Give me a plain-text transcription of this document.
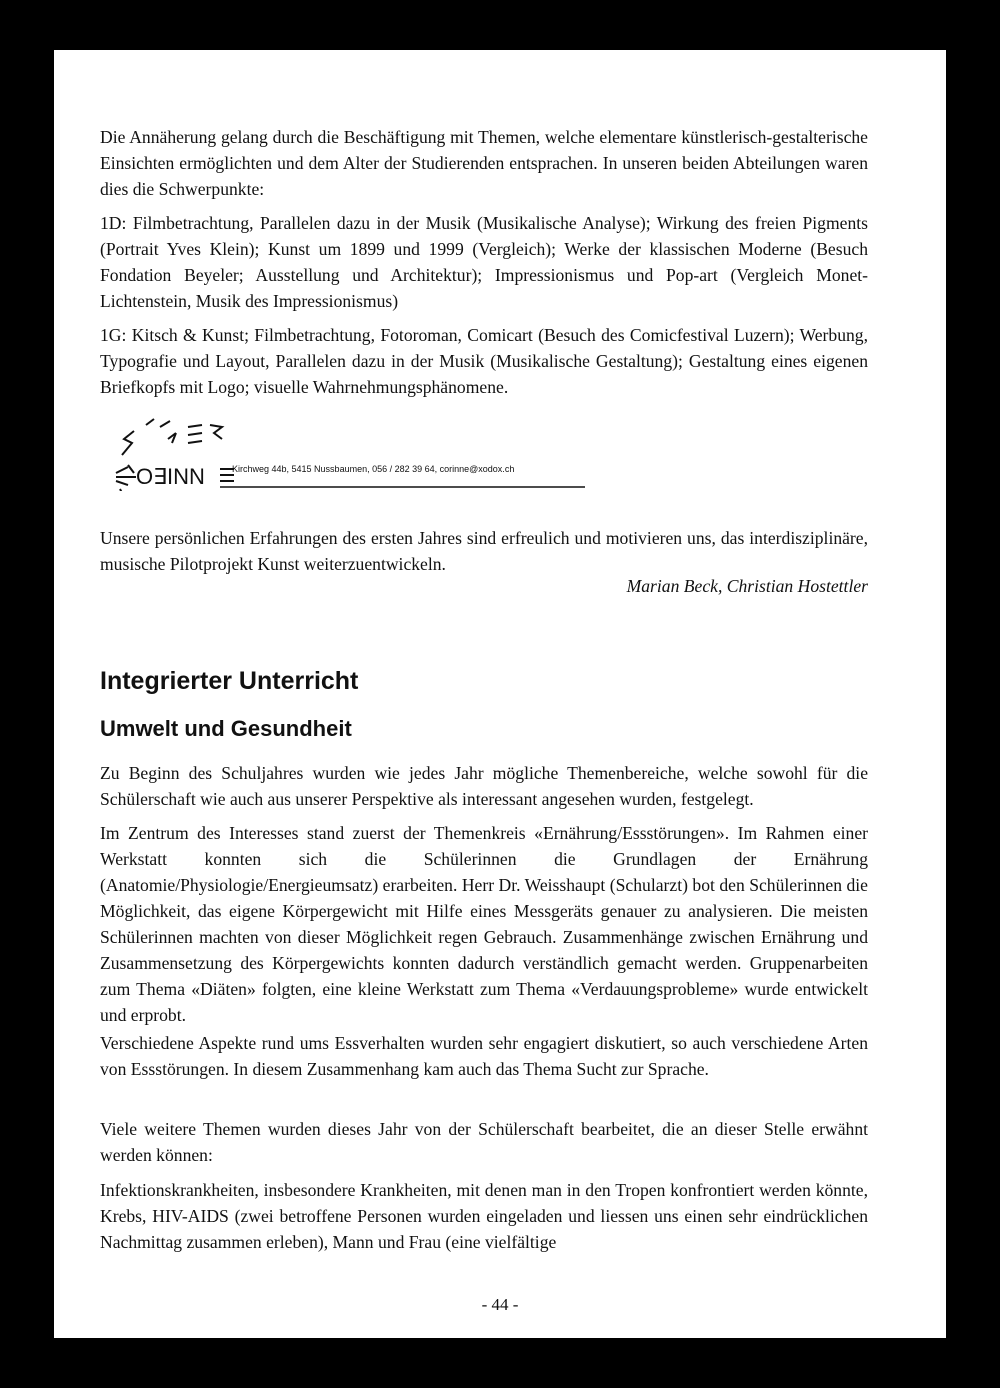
Die Annäherung gelang durch die Beschäftigung mit Themen, welche elementare künstlerisch-gestalterische Einsichten ermöglichten und dem Alter der Studierenden entsprachen. In unseren beiden Abteilungen waren dies die Schwerpunkte:

1D: Filmbetrachtung, Parallelen dazu in der Musik (Musikalische Analyse); Wirkung des freien Pigments (Portrait Yves Klein); Kunst um 1899 und 1999 (Vergleich); Werke der klassischen Moderne (Besuch Fondation Beyeler; Ausstellung und Architektur); Impressionismus und Pop-art (Vergleich Monet-Lichtenstein, Musik des Impressionismus)

1G: Kitsch & Kunst; Filmbetrachtung, Fotoroman, Comicart (Besuch des Comicfestival Luzern); Werbung, Typografie und Layout, Parallelen dazu in der Musik (Musikalische Gestaltung); Gestaltung eines eigenen Briefkopfs mit Logo; visuelle Wahrnehmungsphänomene.

O∃INN	Kirchweg 44b, 5415 Nussbaumen, 056 / 282 39 64, corinne@xodox.ch

Unsere persönlichen Erfahrungen des ersten Jahres sind erfreulich und motivieren uns, das interdisziplinäre, musische Pilotprojekt Kunst weiterzuentwickeln.

Marian Beck, Christian Hostettler
Integrierter Unterricht
Umwelt und Gesundheit

Zu Beginn des Schuljahres wurden wie jedes Jahr mögliche Themenbereiche, welche sowohl für die Schülerschaft wie auch aus unserer Perspektive als interessant angesehen wurden, festgelegt.

Im Zentrum des Interesses stand zuerst der Themenkreis «Ernährung/Essstörungen». Im Rahmen einer Werkstatt konnten sich die Schülerinnen die Grundlagen der Ernährung (Anatomie/Physiologie/Energieumsatz) erarbeiten. Herr Dr. Weisshaupt (Schularzt) bot den Schülerinnen die Möglichkeit, das eigene Körpergewicht mit Hilfe eines Messgeräts genauer zu analysieren. Die meisten Schülerinnen machten von dieser Möglichkeit regen Gebrauch. Zusammenhänge zwischen Ernährung und Zusammensetzung des Körpergewichts konnten dadurch verständlich gemacht werden. Gruppenarbeiten zum Thema «Diäten» folgten, eine kleine Werkstatt zum Thema «Verdauungsprobleme» wurde entwickelt und erprobt.

Verschiedene Aspekte rund ums Essverhalten wurden sehr engagiert diskutiert, so auch verschiedene Arten von Essstörungen. In diesem Zusammenhang kam auch das Thema Sucht zur Sprache.

Viele weitere Themen wurden dieses Jahr von der Schülerschaft bearbeitet, die an dieser Stelle erwähnt werden können:

Infektionskrankheiten, insbesondere Krankheiten, mit denen man in den Tropen konfrontiert werden könnte, Krebs, HIV-AIDS (zwei betroffene Personen wurden eingeladen und liessen uns einen sehr eindrücklichen Nachmittag zusammen erleben), Mann und Frau (eine vielfältige

- 44 -
